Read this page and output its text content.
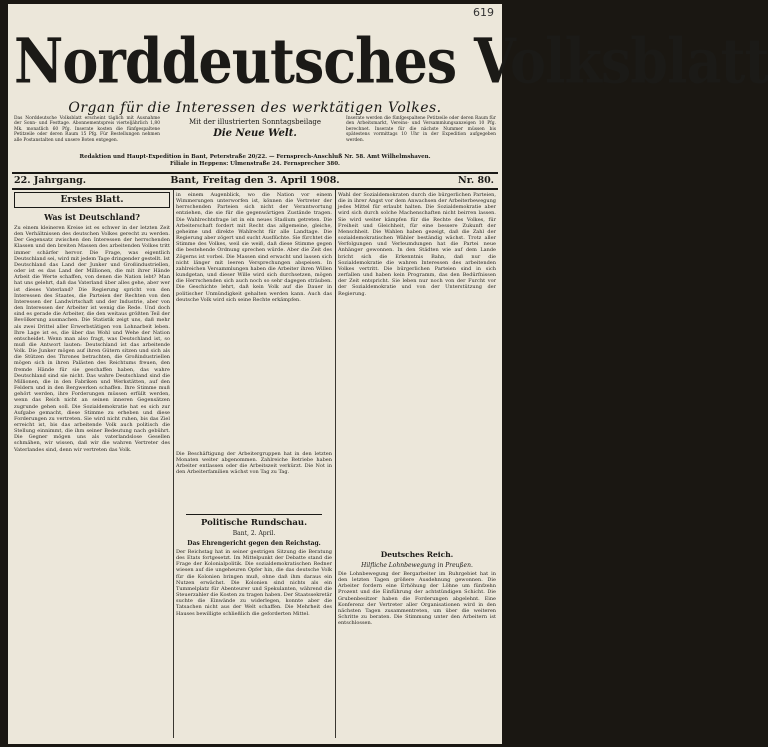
619
Norddeutsches Volksblatt
Organ für die Interessen des werktätigen Volkes.
Das Norddeutsche Volksblatt erscheint täglich mit Ausnahme der Sonn- und Festtage. Abonnementspreis vierteljährlich 1,80 Mk. monatlich 60 Pfg. Inserate kosten die fünfgespaltene Petitzeile oder deren Raum 15 Pfg. Für Bestellungen nehmen alle Postanstalten und unsere Boten entgegen.
Mit der illustrierten Sonntagsbeilage
Die Neue Welt.
Inserate werden die fünfgespaltene Petitzeile oder deren Raum für den Arbeitsmarkt, Vereins- und Versammlungsanzeigen 10 Pfg. berechnet. Inserate für die nächste Nummer müssen bis spätestens vormittags 10 Uhr in der Expedition aufgegeben werden.
Redaktion und Haupt-Expedition in Bant, Peterstraße 20/22. — Fernsprech-Anschluß Nr. 58. Amt Wilhelmshaven.
Filiale in Heppens: Ulmenstraße 24. Fernsprecher 380.
22. Jahrgang.	Bant, Freitag den 3. April 1908.	Nr. 80.
Erstes Blatt.
Was ist Deutschland?

Zu einem kleineren Kreise ist es schwer in der letzten Zeit den Verhältnissen des deutschen Volkes gerecht zu werden. Der Gegensatz zwischen den Interessen der herrschenden Klassen und den breiten Massen des arbeitenden Volkes tritt immer schärfer hervor. Die Frage, was eigentlich Deutschland sei, wird mit jedem Tage dringender gestellt. Ist Deutschland das Land der Junker und Großindustriellen, oder ist es das Land der Millionen, die mit ihrer Hände Arbeit die Werte schaffen, von denen die Nation lebt? Man hat uns gelehrt, daß das Vaterland über alles gehe, aber wer ist dieses Vaterland? Die Regierung spricht von den Interessen des Staates, die Parteien der Rechten von den Interessen der Landwirtschaft und der Industrie, aber von den Interessen der Arbeiter ist wenig die Rede. Und doch sind es gerade die Arbeiter, die den weitaus größten Teil der Bevölkerung ausmachen. Die Statistik zeigt uns, daß mehr als zwei Drittel aller Erwerbstätigen von Lohnarbeit leben. Ihre Lage ist es, die über das Wohl und Wehe der Nation entscheidet. Wenn man also fragt, was Deutschland ist, so muß die Antwort lauten: Deutschland ist das arbeitende Volk. Die Junker mögen auf ihren Gütern sitzen und sich als die Stützen des Thrones betrachten, die Großindustriellen mögen sich in ihren Palästen des Reichtums freuen, den fremde Hände für sie geschaffen haben, das wahre Deutschland sind sie nicht. Das wahre Deutschland sind die Millionen, die in den Fabriken und Werkstätten, auf den Feldern und in den Bergwerken schaffen. Ihre Stimme muß gehört werden, ihre Forderungen müssen erfüllt werden, wenn das Reich nicht an seinen inneren Gegensätzen zugrunde gehen soll. Die Sozialdemokratie hat es sich zur Aufgabe gemacht, diese Stimme zu erheben und diese Forderungen zu vertreten. Sie wird nicht ruhen, bis das Ziel erreicht ist, bis das arbeitende Volk auch politisch die Stellung einnimmt, die ihm seiner Bedeutung nach gebührt. Die Gegner mögen uns als vaterlandslose Gesellen schmähen, wir wissen, daß wir die wahren Vertreter des Vaterlandes sind, denn wir vertreten das Volk.

in einem Augenblick, wo die Nation vor einem Wimmerungen unterworfen ist, können die Vertreter der herrschenden Parteien sich nicht der Verantwortung entziehen, die sie für die gegenwärtigen Zustände tragen. Die Wahlrechtsfrage ist in ein neues Stadium getreten. Die Arbeiterschaft fordert mit Recht das allgemeine, gleiche, geheime und direkte Wahlrecht für alle Landtage. Die Regierung aber zögert und sucht Ausflüchte. Sie fürchtet die Stimme des Volkes, weil sie weiß, daß diese Stimme gegen die bestehende Ordnung sprechen würde. Aber die Zeit des Zögerns ist vorbei. Die Massen sind erwacht und lassen sich nicht länger mit leeren Versprechungen abspeisen. In zahlreichen Versammlungen haben die Arbeiter ihren Willen kundgetan, und dieser Wille wird sich durchsetzen, mögen die Herrschenden sich auch noch so sehr dagegen sträuben. Die Geschichte lehrt, daß kein Volk auf die Dauer in politischer Unmündigkeit gehalten werden kann. Auch das deutsche Volk wird sich seine Rechte erkämpfen.

Die Beschäftigung der Arbeitergruppen hat in den letzten Monaten weiter abgenommen. Zahlreiche Betriebe haben Arbeiter entlassen oder die Arbeitszeit verkürzt. Die Not in den Arbeiterfamilien wächst von Tag zu Tag.

Politische Rundschau.
Bant, 2. April.
Das Ehrengericht gegen den Reichstag.

Der Reichstag hat in seiner gestrigen Sitzung die Beratung des Etats fortgesetzt. Im Mittelpunkt der Debatte stand die Frage der Kolonialpolitik. Die sozialdemokratischen Redner wiesen auf die ungeheuren Opfer hin, die das deutsche Volk für die Kolonien bringen muß, ohne daß ihm daraus ein Nutzen erwächst. Die Kolonien sind nichts als ein Tummelplatz für Abenteurer und Spekulanten, während die Steuerzahler die Kosten zu tragen haben. Der Staatssekretär suchte die Einwände zu widerlegen, konnte aber die Tatsachen nicht aus der Welt schaffen. Die Mehrheit des Hauses bewilligte schließlich die geforderten Mittel.

Wahl der Sozialdemokraten durch die bürgerlichen Parteien, die in ihrer Angst vor dem Anwachsen der Arbeiterbewegung jedes Mittel für erlaubt halten. Die Sozialdemokratie aber wird sich durch solche Machenschaften nicht beirren lassen. Sie wird weiter kämpfen für die Rechte des Volkes, für Freiheit und Gleichheit, für eine bessere Zukunft der Menschheit. Die Wahlen haben gezeigt, daß die Zahl der sozialdemokratischen Wähler beständig wächst. Trotz aller Verfolgungen und Verleumdungen hat die Partei neue Anhänger gewonnen. In den Städten wie auf dem Lande bricht sich die Erkenntnis Bahn, daß nur die Sozialdemokratie die wahren Interessen des arbeitenden Volkes vertritt. Die bürgerlichen Parteien sind in sich zerfallen und haben kein Programm, das den Bedürfnissen der Zeit entspricht. Sie leben nur noch von der Furcht vor der Sozialdemokratie und von der Unterstützung der Regierung.

Deutsches Reich.
Hilfliche Lohnbewegung in Preußen.

Die Lohnbewegung der Bergarbeiter im Ruhrgebiet hat in den letzten Tagen größere Ausdehnung gewonnen. Die Arbeiter fordern eine Erhöhung der Löhne um fünfzehn Prozent und die Einführung der achtstündigen Schicht. Die Grubenbesitzer haben die Forderungen abgelehnt. Eine Konferenz der Vertreter aller Organisationen wird in den nächsten Tagen zusammentreten, um über die weiteren Schritte zu beraten. Die Stimmung unter den Arbeitern ist entschlossen.
